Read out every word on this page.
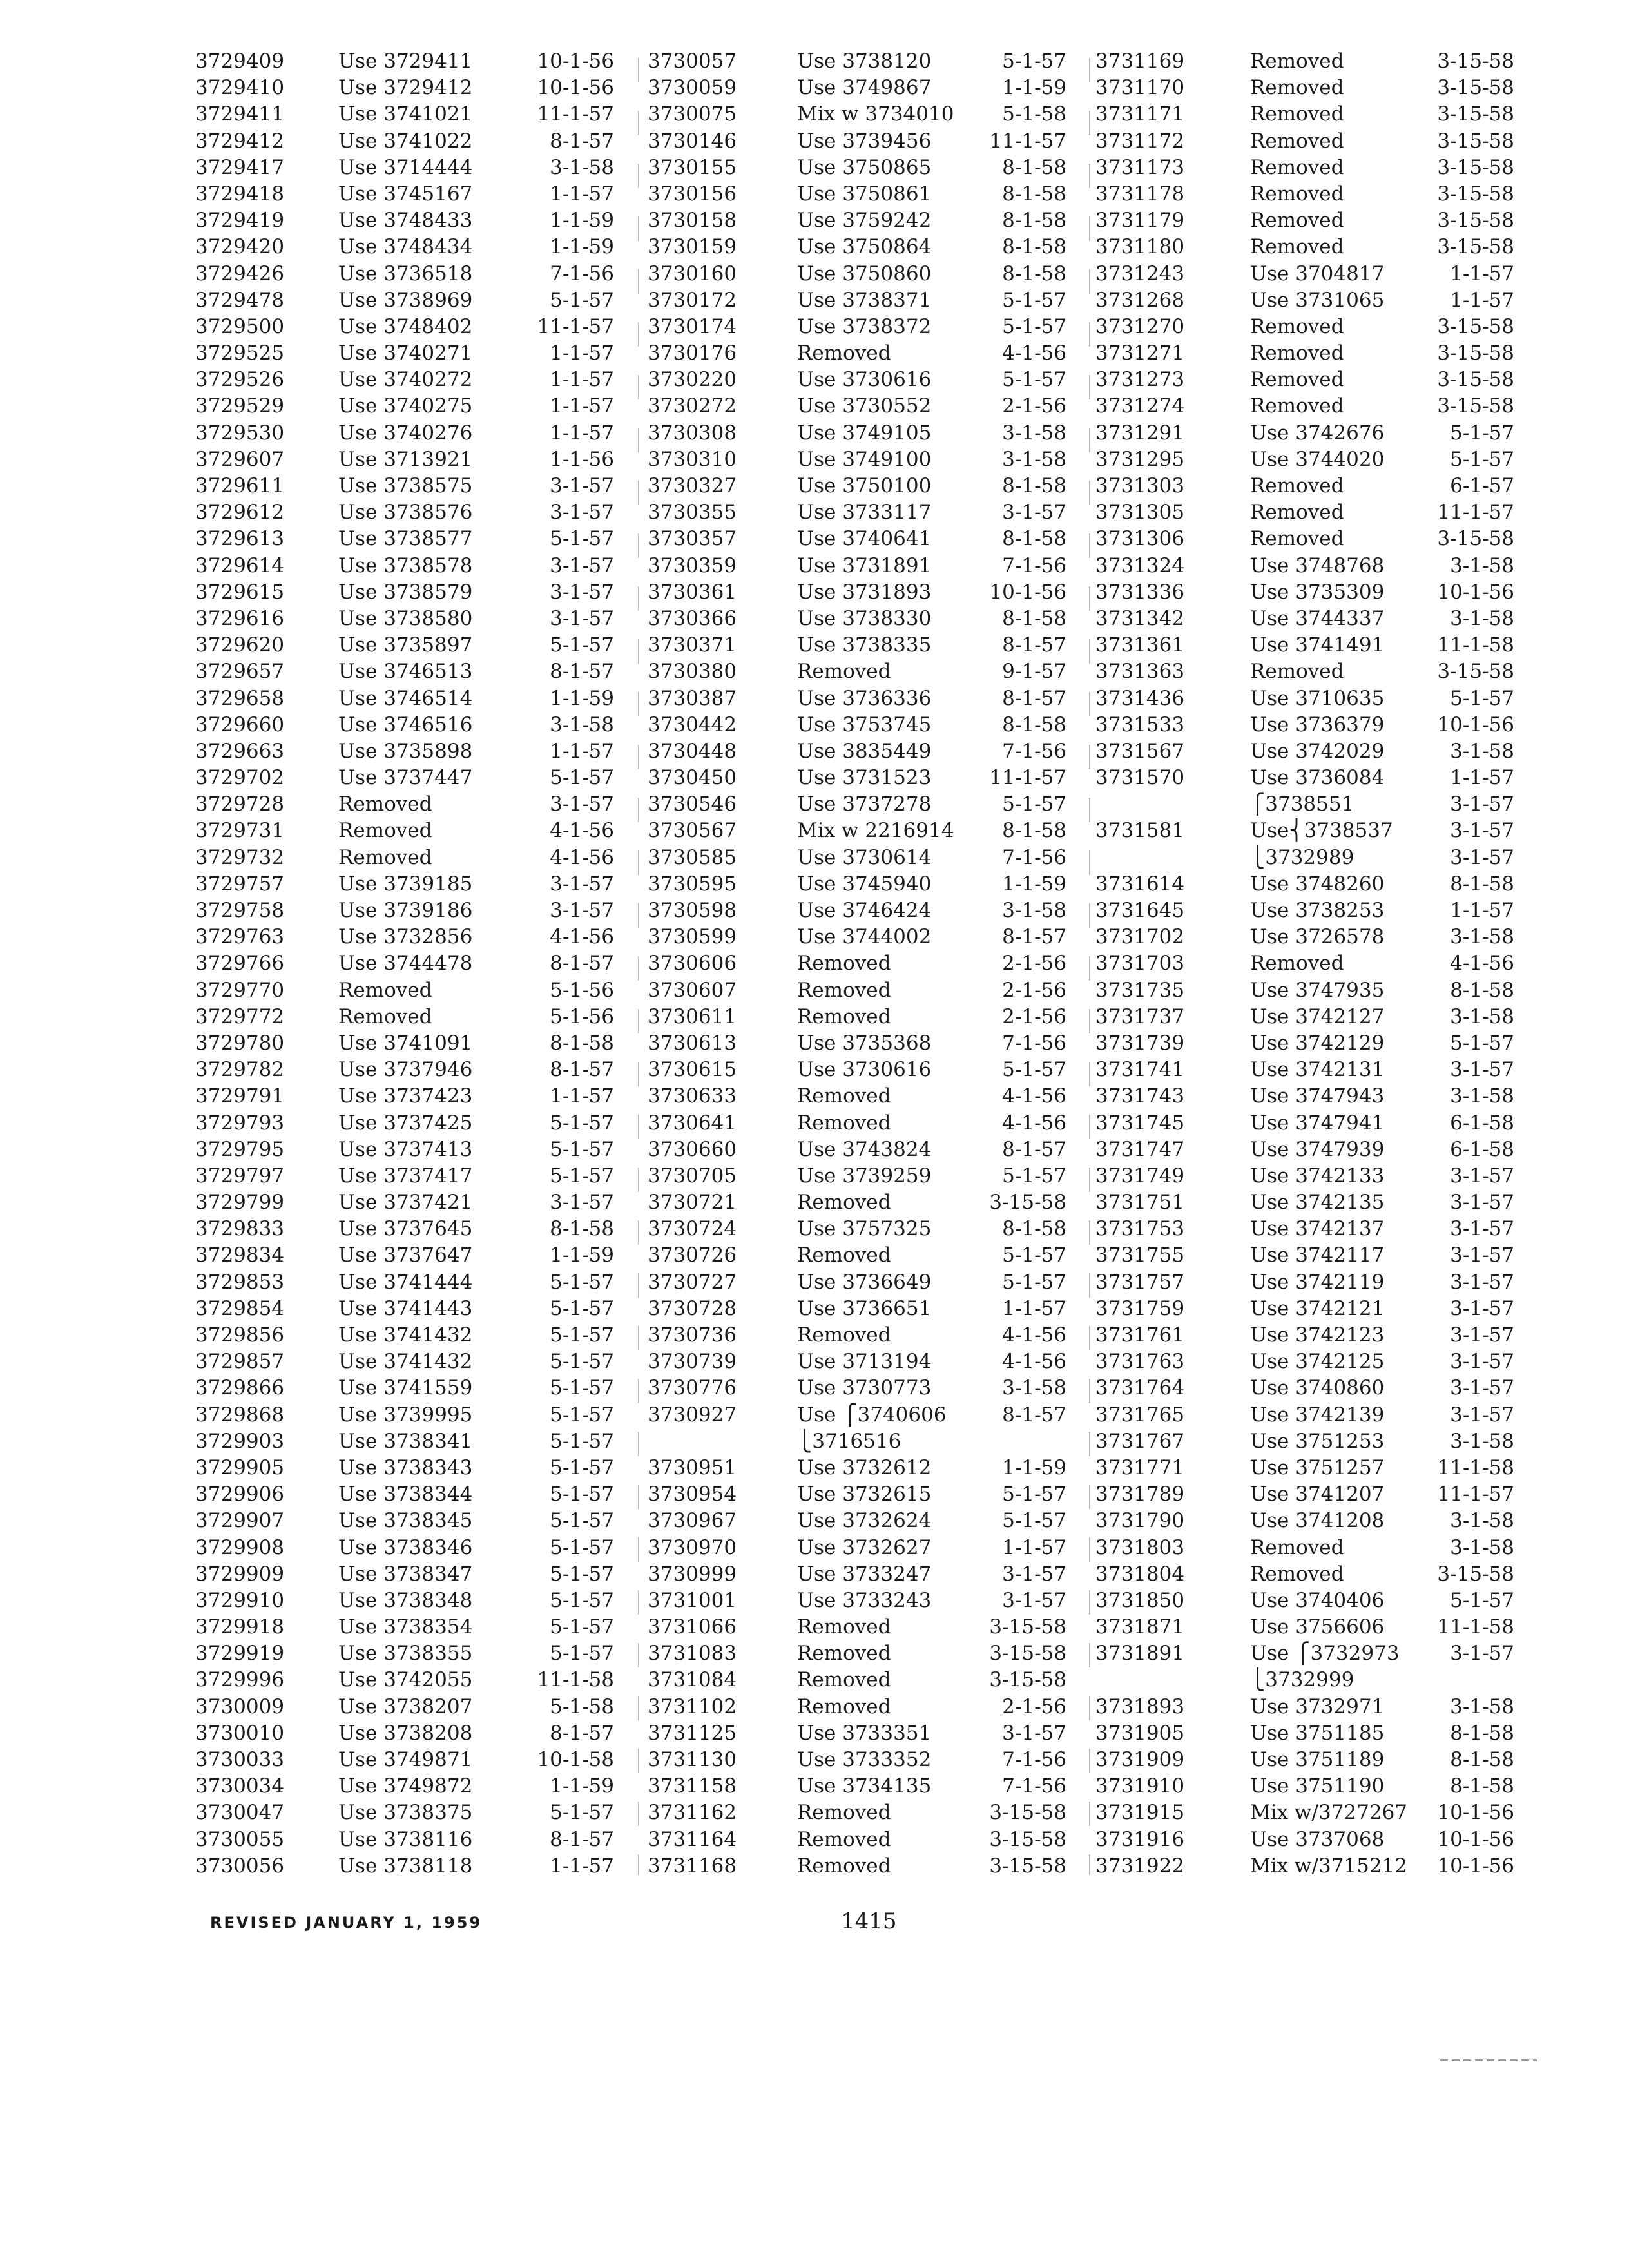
3729409	Use 3729411	10-1-56
3729410	Use 3729412	10-1-56
3729411	Use 3741021	11-1-57
3729412	Use 3741022	8-1-57
3729417	Use 3714444	3-1-58
3729418	Use 3745167	1-1-57
3729419	Use 3748433	1-1-59
3729420	Use 3748434	1-1-59
3729426	Use 3736518	7-1-56
3729478	Use 3738969	5-1-57
3729500	Use 3748402	11-1-57
3729525	Use 3740271	1-1-57
3729526	Use 3740272	1-1-57
3729529	Use 3740275	1-1-57
3729530	Use 3740276	1-1-57
3729607	Use 3713921	1-1-56
3729611	Use 3738575	3-1-57
3729612	Use 3738576	3-1-57
3729613	Use 3738577	5-1-57
3729614	Use 3738578	3-1-57
3729615	Use 3738579	3-1-57
3729616	Use 3738580	3-1-57
3729620	Use 3735897	5-1-57
3729657	Use 3746513	8-1-57
3729658	Use 3746514	1-1-59
3729660	Use 3746516	3-1-58
3729663	Use 3735898	1-1-57
3729702	Use 3737447	5-1-57
3729728	Removed	3-1-57
3729731	Removed	4-1-56
3729732	Removed	4-1-56
3729757	Use 3739185	3-1-57
3729758	Use 3739186	3-1-57
3729763	Use 3732856	4-1-56
3729766	Use 3744478	8-1-57
3729770	Removed	5-1-56
3729772	Removed	5-1-56
3729780	Use 3741091	8-1-58
3729782	Use 3737946	8-1-57
3729791	Use 3737423	1-1-57
3729793	Use 3737425	5-1-57
3729795	Use 3737413	5-1-57
3729797	Use 3737417	5-1-57
3729799	Use 3737421	3-1-57
3729833	Use 3737645	8-1-58
3729834	Use 3737647	1-1-59
3729853	Use 3741444	5-1-57
3729854	Use 3741443	5-1-57
3729856	Use 3741432	5-1-57
3729857	Use 3741432	5-1-57
3729866	Use 3741559	5-1-57
3729868	Use 3739995	5-1-57
3729903	Use 3738341	5-1-57
3729905	Use 3738343	5-1-57
3729906	Use 3738344	5-1-57
3729907	Use 3738345	5-1-57
3729908	Use 3738346	5-1-57
3729909	Use 3738347	5-1-57
3729910	Use 3738348	5-1-57
3729918	Use 3738354	5-1-57
3729919	Use 3738355	5-1-57
3729996	Use 3742055	11-1-58
3730009	Use 3738207	5-1-58
3730010	Use 3738208	8-1-57
3730033	Use 3749871	10-1-58
3730034	Use 3749872	1-1-59
3730047	Use 3738375	5-1-57
3730055	Use 3738116	8-1-57
3730056	Use 3738118	1-1-57
3730057	Use 3738120	5-1-57
3730059	Use 3749867	1-1-59
3730075	Mix w 3734010 5-1-58
3730146	Use 3739456	11-1-57
3730155	Use 3750865	8-1-58
3730156	Use 3750861	8-1-58
3730158	Use 3759242	8-1-58
3730159	Use 3750864	8-1-58
3730160	Use 3750860	8-1-58
3730172	Use 3738371	5-1-57
3730174	Use 3738372	5-1-57
3730176	Removed	4-1-56
3730220	Use 3730616	5-1-57
3730272	Use 3730552	2-1-56
3730308	Use 3749105	3-1-58
3730310	Use 3749100	3-1-58
3730327	Use 3750100	8-1-58
3730355	Use 3733117	3-1-57
3730357	Use 3740641	8-1-58
3730359	Use 3731891	7-1-56
3730361	Use 3731893	10-1-56
3730366	Use 3738330	8-1-58
3730371	Use 3738335	8-1-57
3730380	Removed	9-1-57
3730387	Use 3736336	8-1-57
3730442	Use 3753745	8-1-58
3730448	Use 3835449	7-1-56
3730450	Use 3731523	11-1-57
3730546	Use 3737278	5-1-57
3730567	Mix w 2216914 8-1-58
3730585	Use 3730614	7-1-56
3730595	Use 3745940	1-1-59
3730598	Use 3746424	3-1-58
3730599	Use 3744002	8-1-57
3730606	Removed	2-1-56
3730607	Removed	2-1-56
3730611	Removed	2-1-56
3730613	Use 3735368	7-1-56
3730615	Use 3730616	5-1-57
3730633	Removed	4-1-56
3730641	Removed	4-1-56
3730660	Use 3743824	8-1-57
3730705	Use 3739259	5-1-57
3730721	Removed	3-15-58
3730724	Use 3757325	8-1-58
3730726	Removed	5-1-57
3730727	Use 3736649	5-1-57
3730728	Use 3736651	1-1-57
3730736	Removed	4-1-56
3730739	Use 3713194	4-1-56
3730776	Use 3730773	3-1-58
3730927	Use ⎧3740606	8-1-57
⎩3716516
3730951	Use 3732612	1-1-59
3730954	Use 3732615	5-1-57
3730967	Use 3732624	5-1-57
3730970	Use 3732627	1-1-57
3730999	Use 3733247	3-1-57
3731001	Use 3733243	3-1-57
3731066	Removed	3-15-58
3731083	Removed	3-15-58
3731084	Removed	3-15-58
3731102	Removed	2-1-56
3731125	Use 3733351	3-1-57
3731130	Use 3733352	7-1-56
3731158	Use 3734135	7-1-56
3731162	Removed	3-15-58
3731164	Removed	3-15-58
3731168	Removed	3-15-58
3731169	Removed	3-15-58
3731170	Removed	3-15-58
3731171	Removed	3-15-58
3731172	Removed	3-15-58
3731173	Removed	3-15-58
3731178	Removed	3-15-58
3731179	Removed	3-15-58
3731180	Removed	3-15-58
3731243	Use 3704817	1-1-57
3731268	Use 3731065	1-1-57
3731270	Removed	3-15-58
3731271	Removed	3-15-58
3731273	Removed	3-15-58
3731274	Removed	3-15-58
3731291	Use 3742676	5-1-57
3731295	Use 3744020	5-1-57
3731303	Removed	6-1-57
3731305	Removed	11-1-57
3731306	Removed	3-15-58
3731324	Use 3748768	3-1-58
3731336	Use 3735309	10-1-56
3731342	Use 3744337	3-1-58
3731361	Use 3741491	11-1-58
3731363	Removed	3-15-58
3731436	Use 3710635	5-1-57
3731533	Use 3736379	10-1-56
3731567	Use 3742029	3-1-58
3731570	Use 3736084	1-1-57
⎧3738551	3-1-57
3731581	Use⎨3738537	3-1-57
⎩3732989	3-1-57
3731614	Use 3748260	8-1-58
3731645	Use 3738253	1-1-57
3731702	Use 3726578	3-1-58
3731703	Removed	4-1-56
3731735	Use 3747935	8-1-58
3731737	Use 3742127	3-1-58
3731739	Use 3742129	5-1-57
3731741	Use 3742131	3-1-57
3731743	Use 3747943	3-1-58
3731745	Use 3747941	6-1-58
3731747	Use 3747939	6-1-58
3731749	Use 3742133	3-1-57
3731751	Use 3742135	3-1-57
3731753	Use 3742137	3-1-57
3731755	Use 3742117	3-1-57
3731757	Use 3742119	3-1-57
3731759	Use 3742121	3-1-57
3731761	Use 3742123	3-1-57
3731763	Use 3742125	3-1-57
3731764	Use 3740860	3-1-57
3731765	Use 3742139	3-1-57
3731767	Use 3751253	3-1-58
3731771	Use 3751257	11-1-58
3731789	Use 3741207	11-1-57
3731790	Use 3741208	3-1-58
3731803	Removed	3-1-58
3731804	Removed	3-15-58
3731850	Use 3740406	5-1-57
3731871	Use 3756606	11-1-58
3731891	Use ⎧3732973	3-1-57
⎩3732999
3731893	Use 3732971	3-1-58
3731905	Use 3751185	8-1-58
3731909	Use 3751189	8-1-58
3731910	Use 3751190	8-1-58
3731915	Mix w/3727267 10-1-56
3731916	Use 3737068	10-1-56
3731922	Mix w/3715212 10-1-56
REVISED JANUARY 1, 1959	1415
